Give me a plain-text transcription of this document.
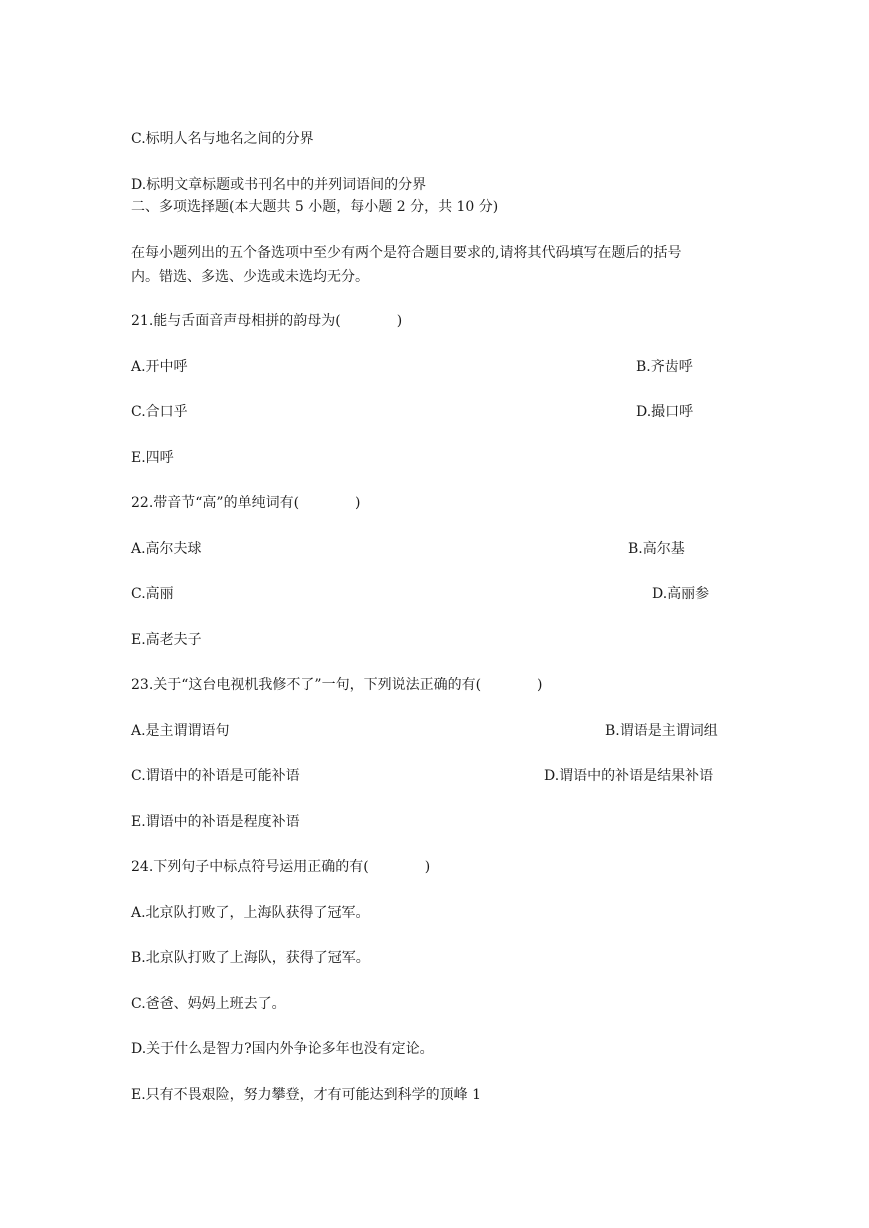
C.标明人名与地名之间的分界
D.标明文章标题或书刊名中的并列词语间的分界
二、多项选择题(本大题共 5 小题，每小题 2 分，共 10 分)
在每小题列出的五个备选项中至少有两个是符合题目要求的,请将其代码填写在题后的括号
内。错选、多选、少选或未选均无分。
21.能与舌面音声母相拼的韵母为(　　　　)
A.开中呼	B.齐齿呼
C.合口乎	D.撮口呼
E.四呼
22.带音节“高”的单纯词有(　　　　)
A.高尔夫球	B.高尔基
C.高丽	D.高丽参
E.高老夫子
23.关于“这台电视机我修不了”一句，下列说法正确的有(　　　　)
A.是主谓谓语句	B.谓语是主谓词组
C.谓语中的补语是可能补语	D.谓语中的补语是结果补语
E.谓语中的补语是程度补语
24.下列句子中标点符号运用正确的有(　　　　)
A.北京队打败了，上海队获得了冠军。
B.北京队打败了上海队，获得了冠军。
C.爸爸、妈妈上班去了。
D.关于什么是智力?国内外争论多年也没有定论。
E.只有不畏艰险，努力攀登，才有可能达到科学的顶峰 1
